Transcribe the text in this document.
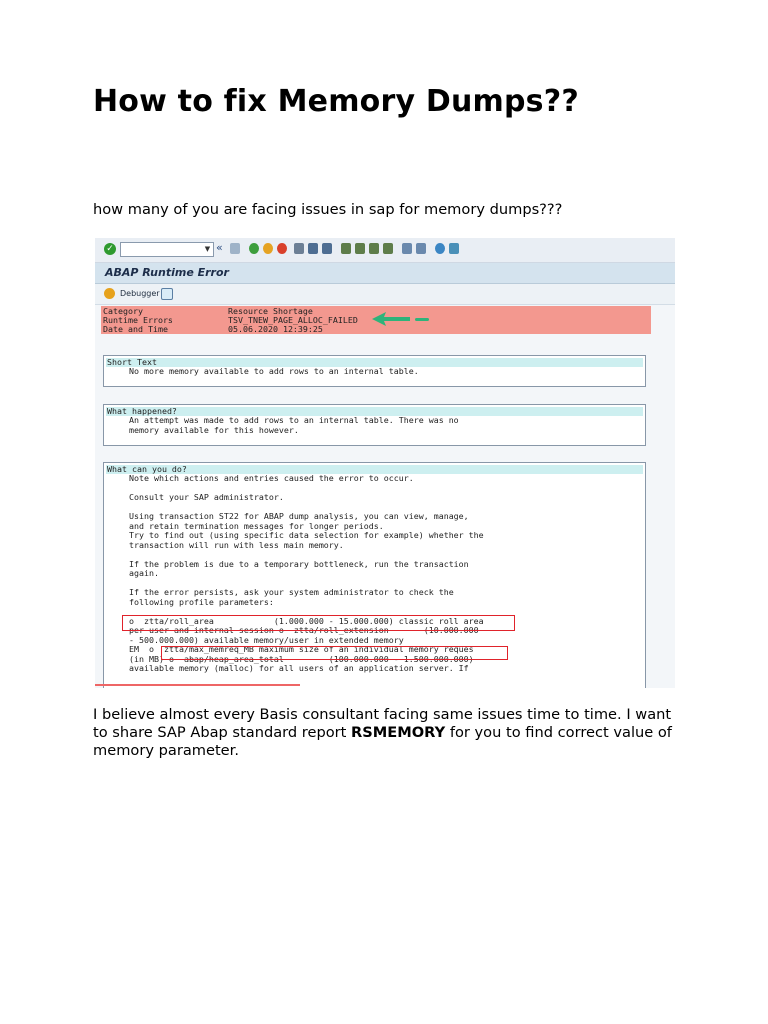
How to fix Memory Dumps??

how many of you are facing issues in sap for memory dumps???

✓	▼ «
ABAP Runtime Error
Debugger
Category	Resource Shortage
Runtime Errors	TSV_TNEW_PAGE_ALLOC_FAILED
Date and Time	05.06.2020 12:39:25
Short Text
No more memory available to add rows to an internal table.
What happened?
An attempt was made to add rows to an internal table. There was no
memory available for this however.
What can you do?
Note which actions and entries caused the error to occur.
Consult your SAP administrator.
Using transaction ST22 for ABAP dump analysis, you can view, manage,
and retain termination messages for longer periods.
Try to find out (using specific data selection for example) whether the
transaction will run with less main memory.
If the problem is due to a temporary bottleneck, run the transaction
again.
If the error persists, ask your system administrator to check the
following profile parameters:
o  ztta/roll_area            (1.000.000 - 15.000.000) classic roll area
per user and internal session o  ztta/roll_extension       (10.000.000
- 500.000.000) available memory/user in extended memory
EM  o  ztta/max_memreq_MB maximum size of an individual memory reques
(in MB) o  abap/heap_area_total         (100.000.000 - 1.500.000.000)
available memory (malloc) for all users of an application server. If

I believe almost every Basis consultant facing same issues time to time. I want to share SAP Abap standard report RSMEMORY for you to find correct value of memory parameter.
